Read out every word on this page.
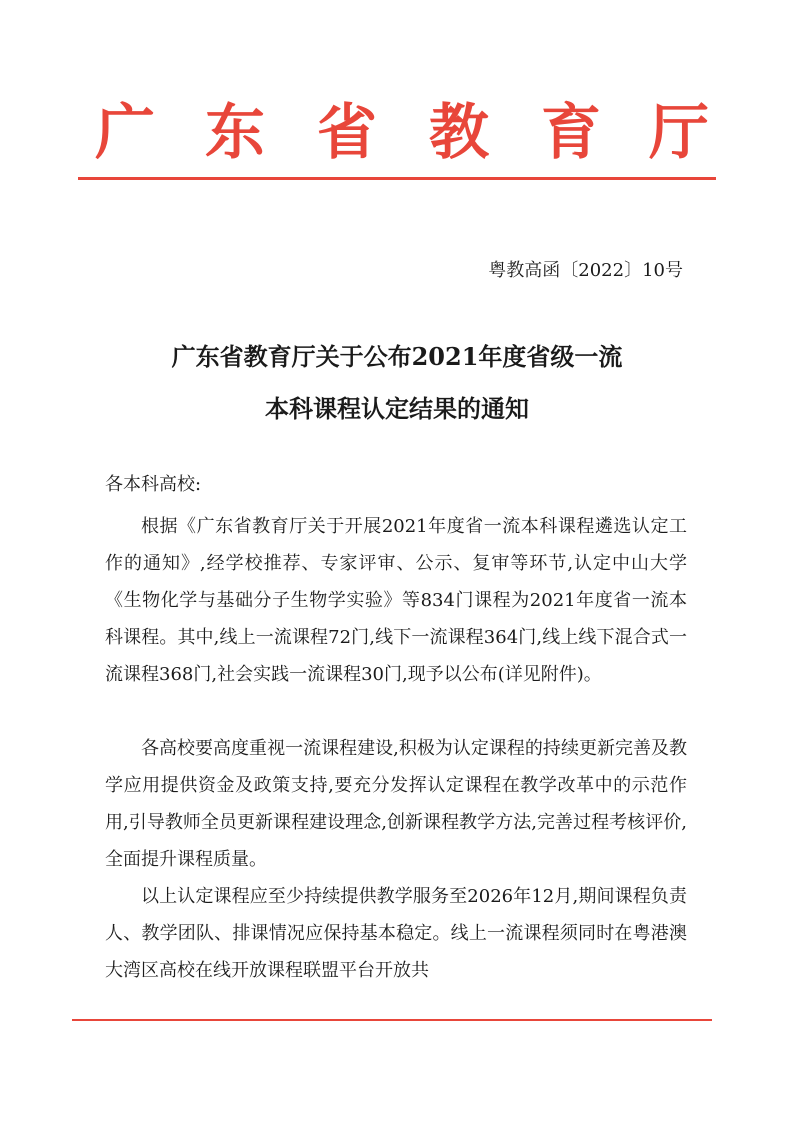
广 东 省 教 育 厅
粤教高函〔2022〕10号
广东省教育厅关于公布2021年度省级一流
本科课程认定结果的通知
各本科高校:
根据《广东省教育厅关于开展2021年度省一流本科课程遴选认定工作的通知》,经学校推荐、专家评审、公示、复审等环节,认定中山大学《生物化学与基础分子生物学实验》等834门课程为2021年度省一流本科课程。其中,线上一流课程72门,线下一流课程364门,线上线下混合式一流课程368门,社会实践一流课程30门,现予以公布(详见附件)。
各高校要高度重视一流课程建设,积极为认定课程的持续更新完善及教学应用提供资金及政策支持,要充分发挥认定课程在教学改革中的示范作用,引导教师全员更新课程建设理念,创新课程教学方法,完善过程考核评价,全面提升课程质量。
以上认定课程应至少持续提供教学服务至2026年12月,期间课程负责人、教学团队、排课情况应保持基本稳定。线上一流课程须同时在粤港澳大湾区高校在线开放课程联盟平台开放共
